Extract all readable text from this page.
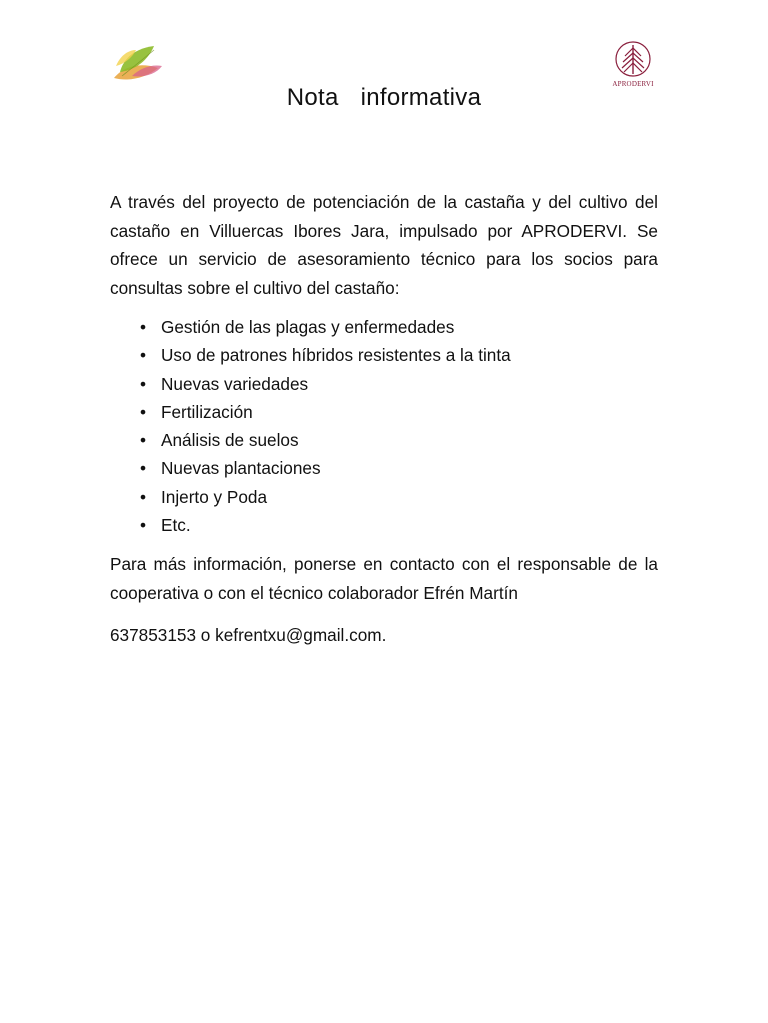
APRODERVI
Nota  informativa

A través del proyecto de potenciación de la castaña y del cultivo del castaño en Villuercas Ibores Jara, impulsado por APRODERVI. Se ofrece un servicio de asesoramiento técnico para los socios para consultas sobre el cultivo del castaño:

• Gestión de las plagas y enfermedades
• Uso de patrones híbridos resistentes a la tinta
• Nuevas variedades
• Fertilización
• Análisis de suelos
• Nuevas plantaciones
• Injerto y Poda
• Etc.

Para más información, ponerse en contacto con el responsable de la cooperativa o con el técnico colaborador Efrén Martín

637853153 o kefrentxu@gmail.com.
